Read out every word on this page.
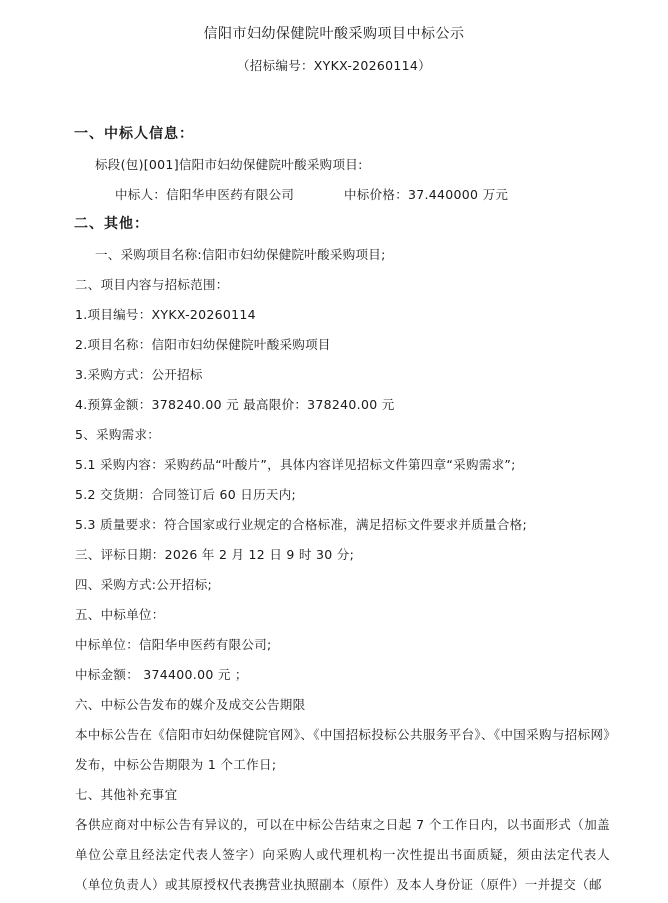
信阳市妇幼保健院叶酸采购项目中标公示
（招标编号：XYKX-20260114）
一、中标人信息：
标段(包)[001]信阳市妇幼保健院叶酸采购项目:
中标人：信阳华申医药有限公司	中标价格：37.440000 万元
二、其他：
一、采购项目名称:信阳市妇幼保健院叶酸采购项目;
二、项目内容与招标范围：
1.项目编号：XYKX-20260114
2.项目名称：信阳市妇幼保健院叶酸采购项目
3.采购方式：公开招标
4.预算金额：378240.00 元 最高限价：378240.00 元
5、采购需求：
5.1 采购内容：采购药品“叶酸片”，具体内容详见招标文件第四章“采购需求”;
5.2 交货期：合同签订后 60 日历天内;
5.3 质量要求：符合国家或行业规定的合格标准，满足招标文件要求并质量合格;
三、评标日期：2026 年 2 月 12 日 9 时 30 分;
四、采购方式:公开招标;
五、中标单位：
中标单位：信阳华申医药有限公司;
中标金额： 374400.00 元 ；
六、中标公告发布的媒介及成交公告期限
本中标公告在《信阳市妇幼保健院官网》、《中国招标投标公共服务平台》、《中国采购与招标网》发布，中标公告期限为 1 个工作日;
七、其他补充事宜
各供应商对中标公告有异议的，可以在中标公告结束之日起 7 个工作日内，以书面形式（加盖单位公章且经法定代表人签字）向采购人或代理机构一次性提出书面质疑，须由法定代表人（单位负责人）或其原授权代表携营业执照副本（原件）及本人身份证（原件）一并提交（邮
